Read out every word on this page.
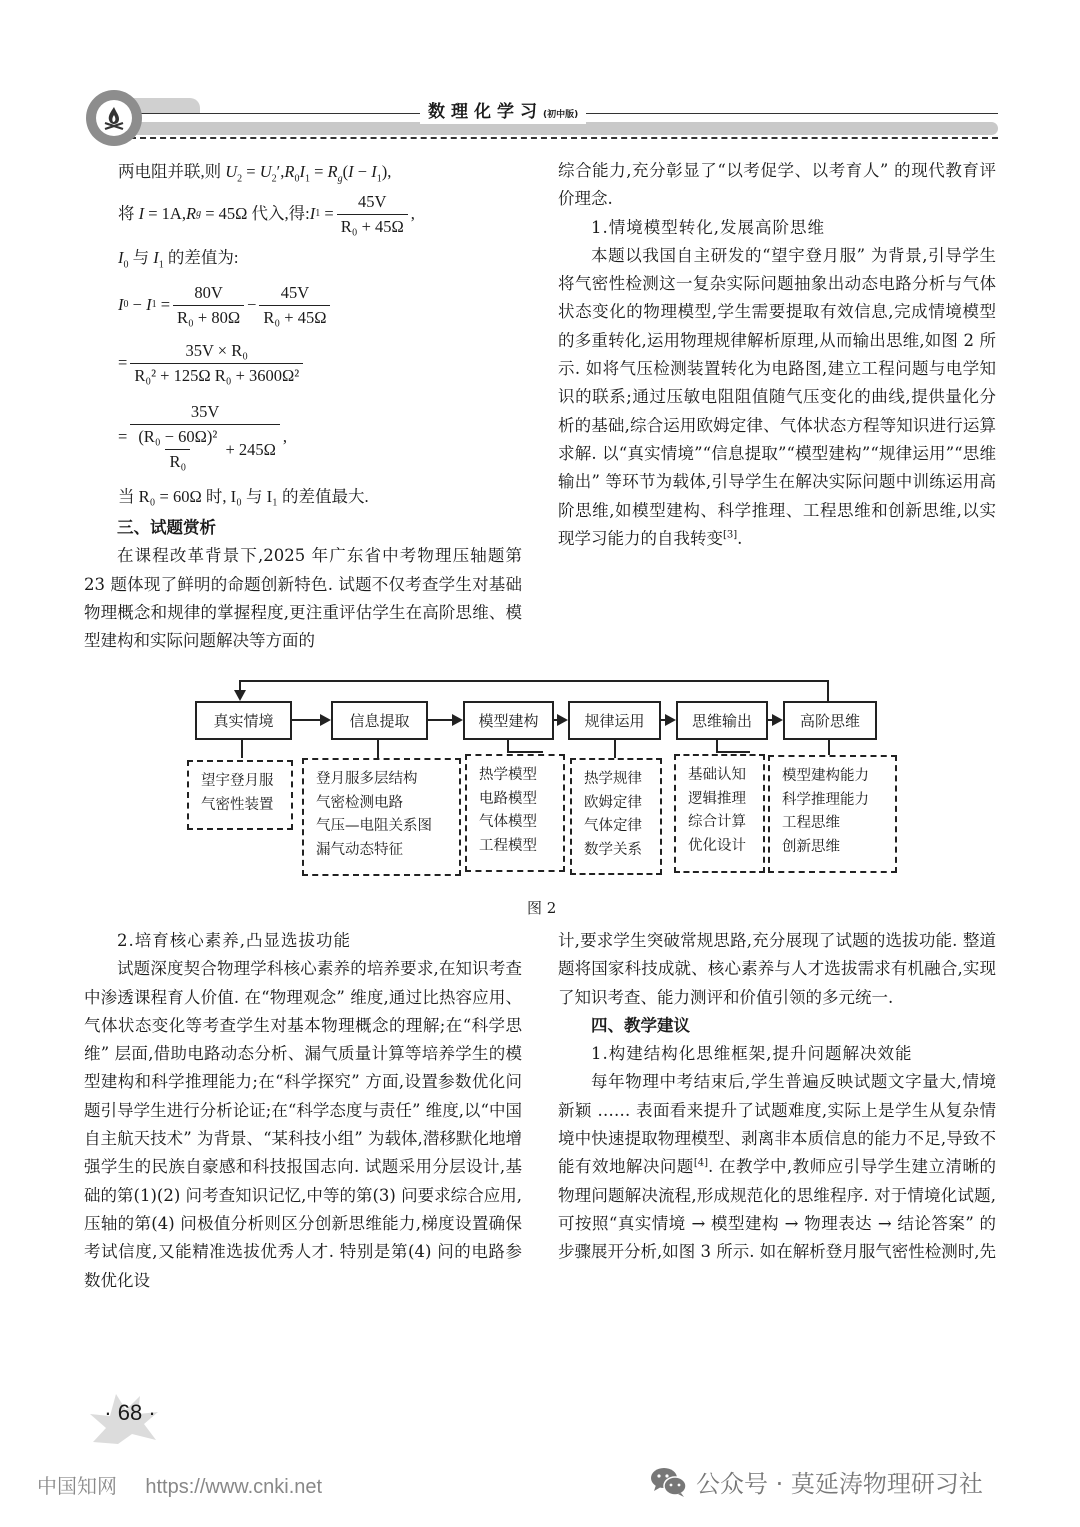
数理化学习(初中版)
两电阻并联,则 $U_2 = U_2',R_0I_1 = R_g(I - I_1)$,
将
I = 1A, R g = 45Ω 代入,得: I $1 = \frac{45V}{\text{R₀ + 45Ω}}$ ,
$I_0$ 与 $I_1$ 的差值为:
I 0 − I $1 = \frac{80V}{\text{R₀ + 80Ω}} - \frac{45V}{\text{R₀ + 45Ω}}$
= $\frac{\text{35V × R₀}}{\text{R₀² + 125Ω R₀ + 3600Ω²}}$
= 35V
$\frac{\text{(R₀ − 60Ω)²}}{\text{R₀}}$
+ 245Ω ,
当 R₀ = 60Ω 时, I₀ 与 I₁ 的差值最大.

三、试题赏析

在课程改革背景下,2025 年广东省中考物理压轴题第 23 题体现了鲜明的命题创新特色. 试题不仅考查学生对基础物理概念和规律的掌握程度,更注重评估学生在高阶思维、模型建构和实际问题解决等方面的

综合能力,充分彰显了“以考促学、以考育人” 的现代教育评价理念.

1.情境模型转化,发展高阶思维

本题以我国自主研发的“望宇登月服” 为背景,引导学生将气密性检测这一复杂实际问题抽象出动态电路分析与气体状态变化的物理模型,学生需要提取有效信息,完成情境模型的多重转化,运用物理规律解析原理,从而输出思维,如图 2 所示. 如将气压检测装置转化为电路图,建立工程问题与电学知识的联系;通过压敏电阻阻值随气压变化的曲线,提供量化分析的基础,综合运用欧姆定律、气体状态方程等知识进行运算求解. 以“真实情境”“信息提取”“模型建构”“规律运用”“思维输出” 等环节为载体,引导学生在解决实际问题中训练运用高阶思维,如模型建构、科学推理、工程思维和创新思维,以实现学习能力的自我转变[3].

真实情境	信息提取	模型建构	规律运用	思维输出	高阶思维
望宇登月服
气密性装置
登月服多层结构
气密检测电路
气压—电阻关系图
漏气动态特征
热学模型
电路模型
气体模型
工程模型
热学规律
欧姆定律
气体定律
数学关系
基础认知
逻辑推理
综合计算
优化设计
模型建构能力
科学推理能力
工程思维
创新思维
图 2

2.培育核心素养,凸显选拔功能

试题深度契合物理学科核心素养的培养要求,在知识考查中渗透课程育人价值. 在“物理观念” 维度,通过比热容应用、气体状态变化等考查学生对基本物理概念的理解;在“科学思维” 层面,借助电路动态分析、漏气质量计算等培养学生的模型建构和科学推理能力;在“科学探究” 方面,设置参数优化问题引导学生进行分析论证;在“科学态度与责任” 维度,以“中国自主航天技术” 为背景、“某科技小组” 为载体,潜移默化地增强学生的民族自豪感和科技报国志向. 试题采用分层设计,基础的第(1)(2) 问考查知识记忆,中等的第(3) 问要求综合应用,压轴的第(4) 问极值分析则区分创新思维能力,梯度设置确保考试信度,又能精准选拔优秀人才. 特别是第(4) 问的电路参数优化设

计,要求学生突破常规思路,充分展现了试题的选拔功能. 整道题将国家科技成就、核心素养与人才选拔需求有机融合,实现了知识考查、能力测评和价值引领的多元统一.

四、教学建议

1.构建结构化思维框架,提升问题解决效能

每年物理中考结束后,学生普遍反映试题文字量大,情境新颖 …… 表面看来提升了试题难度,实际上是学生从复杂情境中快速提取物理模型、剥离非本质信息的能力不足,导致不能有效地解决问题[4]. 在教学中,教师应引导学生建立清晰的物理问题解决流程,形成规范化的思维程序. 对于情境化试题,可按照“真实情境 → 模型建构 → 物理表达 → 结论答案” 的步骤展开分析,如图 3 所示. 如在解析登月服气密性检测时,先

· 68 ·
中国知网 https://www.cnki.net	公众号 · 莫延涛物理研习社
